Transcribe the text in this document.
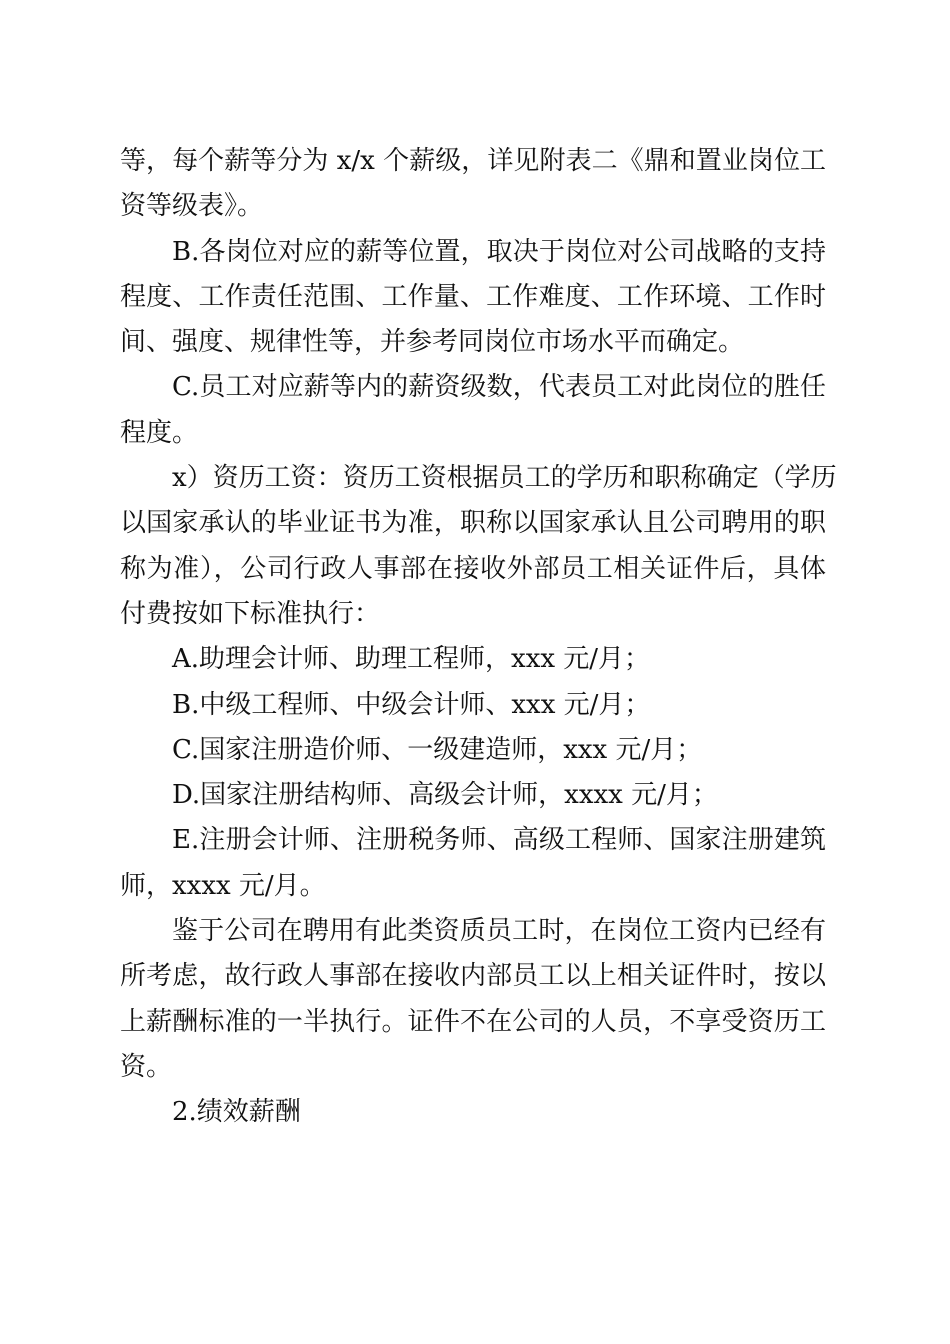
等，每个薪等分为 x/x 个薪级，详见附表二《鼎和置业岗位工
资等级表》。
B.各岗位对应的薪等位置，取决于岗位对公司战略的支持
程度、工作责任范围、工作量、工作难度、工作环境、工作时
间、强度、规律性等，并参考同岗位市场水平而确定。
C.员工对应薪等内的薪资级数，代表员工对此岗位的胜任
程度。
x）资历工资：资历工资根据员工的学历和职称确定（学历
以国家承认的毕业证书为准，职称以国家承认且公司聘用的职
称为准），公司行政人事部在接收外部员工相关证件后，具体
付费按如下标准执行：
A.助理会计师、助理工程师，xxx 元/月；
B.中级工程师、中级会计师、xxx 元/月；
C.国家注册造价师、一级建造师，xxx 元/月；
D.国家注册结构师、高级会计师，xxxx 元/月；
E.注册会计师、注册税务师、高级工程师、国家注册建筑
师，xxxx 元/月。
鉴于公司在聘用有此类资质员工时，在岗位工资内已经有
所考虑，故行政人事部在接收内部员工以上相关证件时，按以
上薪酬标准的一半执行。证件不在公司的人员，不享受资历工
资。
2.绩效薪酬
